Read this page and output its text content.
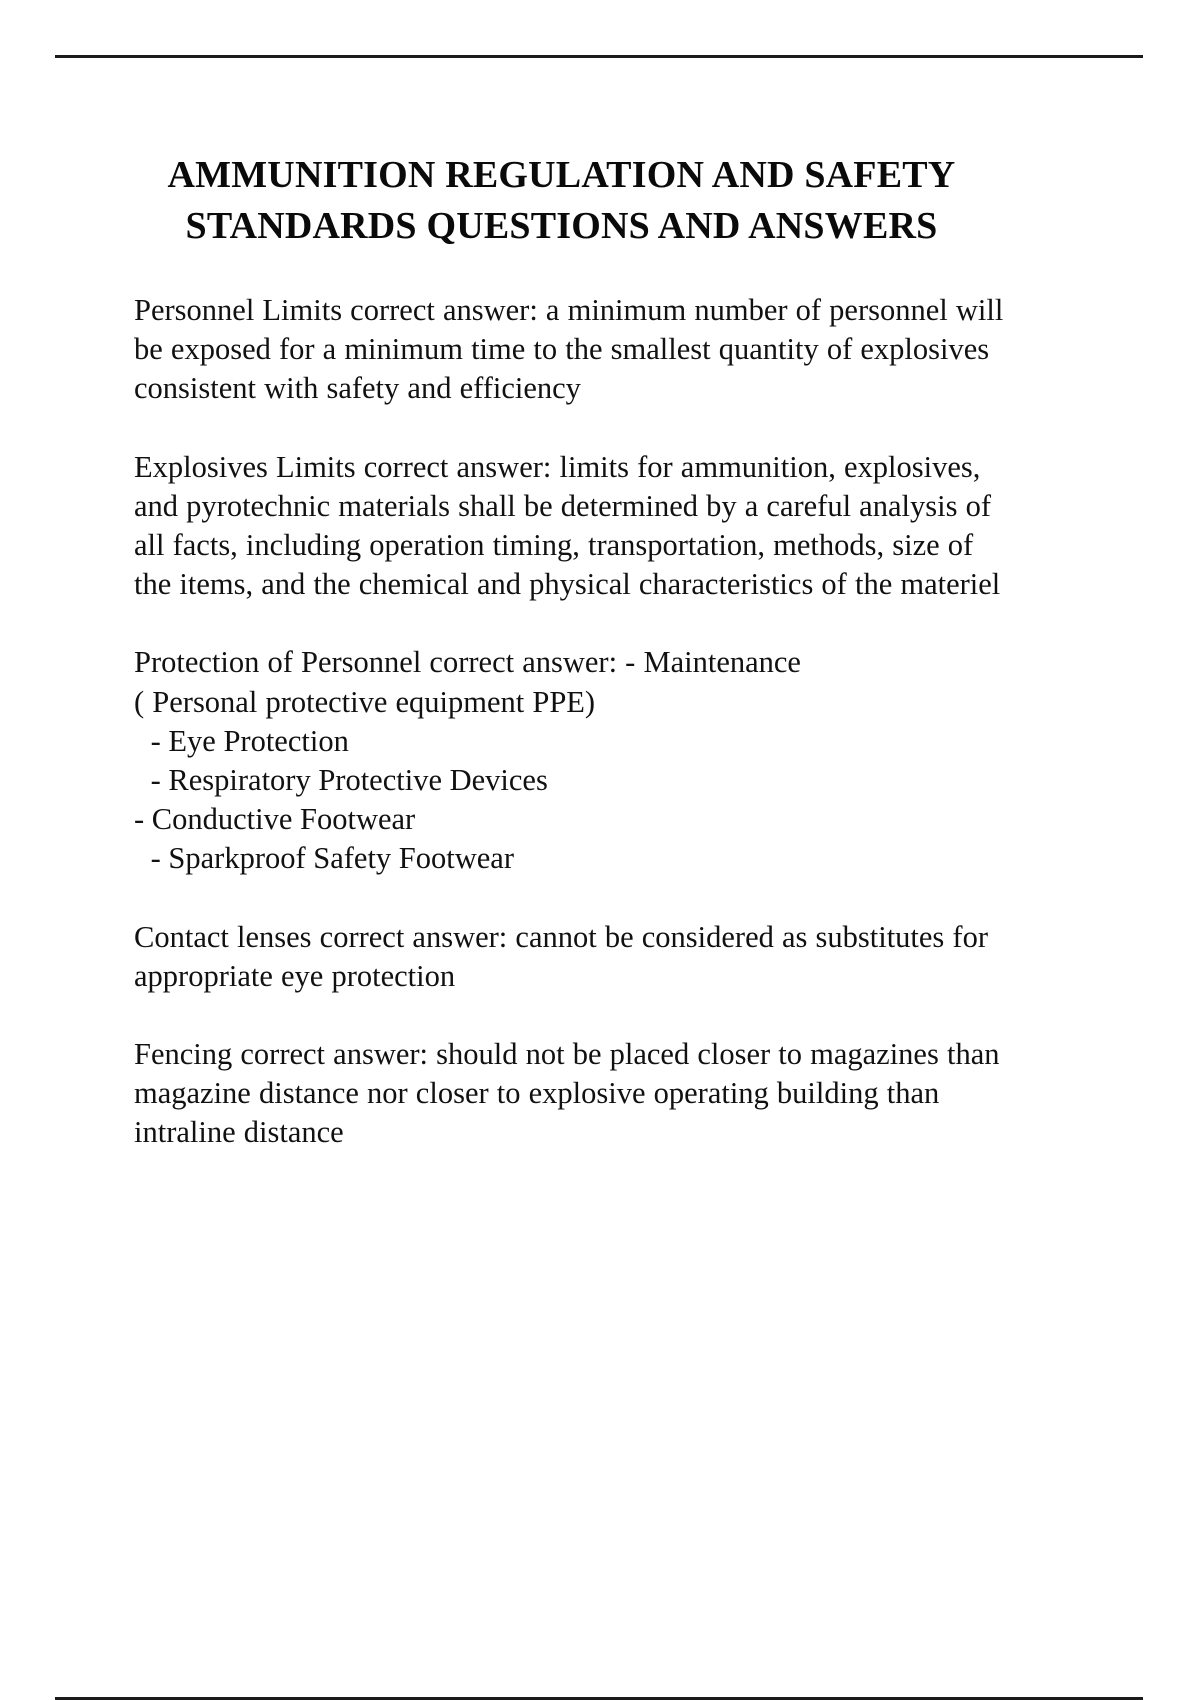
AMMUNITION REGULATION AND SAFETY
STANDARDS QUESTIONS AND ANSWERS

Personnel Limits correct answer: a minimum number of personnel will be exposed for a minimum time to the smallest quantity of explosives consistent with safety and efficiency

Explosives Limits correct answer: limits for ammunition, explosives, and pyrotechnic materials shall be determined by a careful analysis of all facts, including operation timing, transportation, methods, size of the items, and the chemical and physical characteristics of the materiel

Protection of Personnel correct answer: - Maintenance

( Personal protective equipment PPE)

- Eye Protection

- Respiratory Protective Devices

- Conductive Footwear

- Sparkproof Safety Footwear

Contact lenses correct answer: cannot be considered as substitutes for appropriate eye protection

Fencing correct answer: should not be placed closer to magazines than magazine distance nor closer to explosive operating building than intraline distance
